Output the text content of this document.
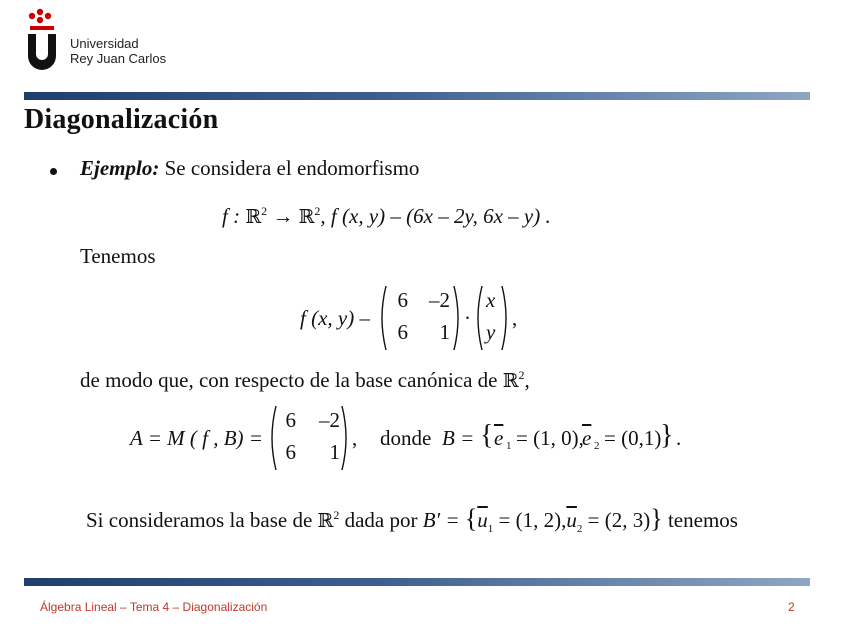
Universidad
Rey Juan Carlos
Diagonalización
Ejemplo: Se considera el endomorfismo
f : ℝ$^2$ → ℝ$^2$, f (x, y) – (6x – 2y, 6x – y) .
Tenemos
f (x, y) –
6	–2
6	1
·
x
y
,
de modo que, con respecto de la base canónica de ℝ$^2$,
A = M ( f , B) =
6	–2
6	1
, donde B = { $\overline{e}$ 1 = (1, 0),
$\overline{e}$ 2 = (0,1)
} .
Si consideramos la base de ℝ$^2$ dada por $B' = \{\overline{u}_1 = (1$, $2),\overline{u}_2 = (2$, 3)} tenemos
Álgebra Lineal – Tema 4 – Diagonalización	2
